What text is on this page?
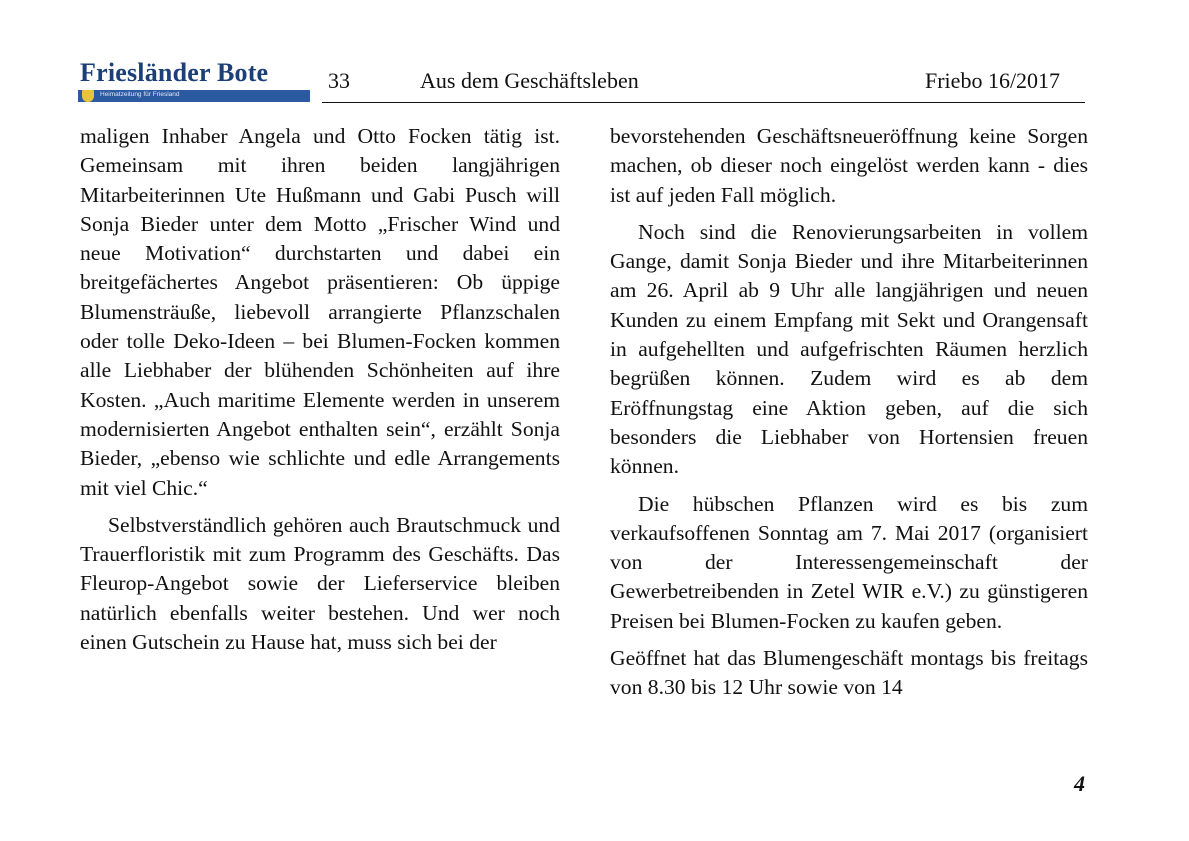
Friesländer Bote
Heimatzeitung für Friesland
33	Aus dem Geschäftsleben	Friebo 16/2017

maligen Inhaber Angela und Otto Focken tätig ist. Gemeinsam mit ihren beiden langjährigen Mitarbeiterinnen Ute Hußmann und Gabi Pusch will Sonja Bieder unter dem Motto „Frischer Wind und neue Motivation“ durchstarten und dabei ein breitgefächertes Angebot präsentieren: Ob üppige Blumensträuße, liebevoll arrangierte Pflanzschalen oder tolle Deko-Ideen – bei Blumen-Focken kommen alle Liebhaber der blühenden Schönheiten auf ihre Kosten. „Auch maritime Elemente werden in unserem modernisierten Angebot enthalten sein“, erzählt Sonja Bieder, „ebenso wie schlichte und edle Arrangements mit viel Chic.“

Selbstverständlich gehören auch Brautschmuck und Trauerfloristik mit zum Programm des Geschäfts. Das Fleurop-Angebot sowie der Lieferservice bleiben natürlich ebenfalls weiter bestehen. Und wer noch einen Gutschein zu Hause hat, muss sich bei der

bevorstehenden Geschäftsneueröffnung keine Sorgen machen, ob dieser noch eingelöst werden kann - dies ist auf jeden Fall möglich.

Noch sind die Renovierungsarbeiten in vollem Gange, damit Sonja Bieder und ihre Mitarbeiterinnen am 26. April ab 9 Uhr alle langjährigen und neuen Kunden zu einem Empfang mit Sekt und Orangensaft in aufgehellten und aufgefrischten Räumen herzlich begrüßen können. Zudem wird es ab dem Eröffnungstag eine Aktion geben, auf die sich besonders die Liebhaber von Hortensien freuen können.

Die hübschen Pflanzen wird es bis zum verkaufsoffenen Sonntag am 7. Mai 2017 (organisiert von der Interessengemeinschaft der Gewerbetreibenden in Zetel WIR e.V.) zu günstigeren Preisen bei Blumen-Focken zu kaufen geben.

Geöffnet hat das Blumengeschäft montags bis freitags von 8.30 bis 12 Uhr sowie von 14

4
